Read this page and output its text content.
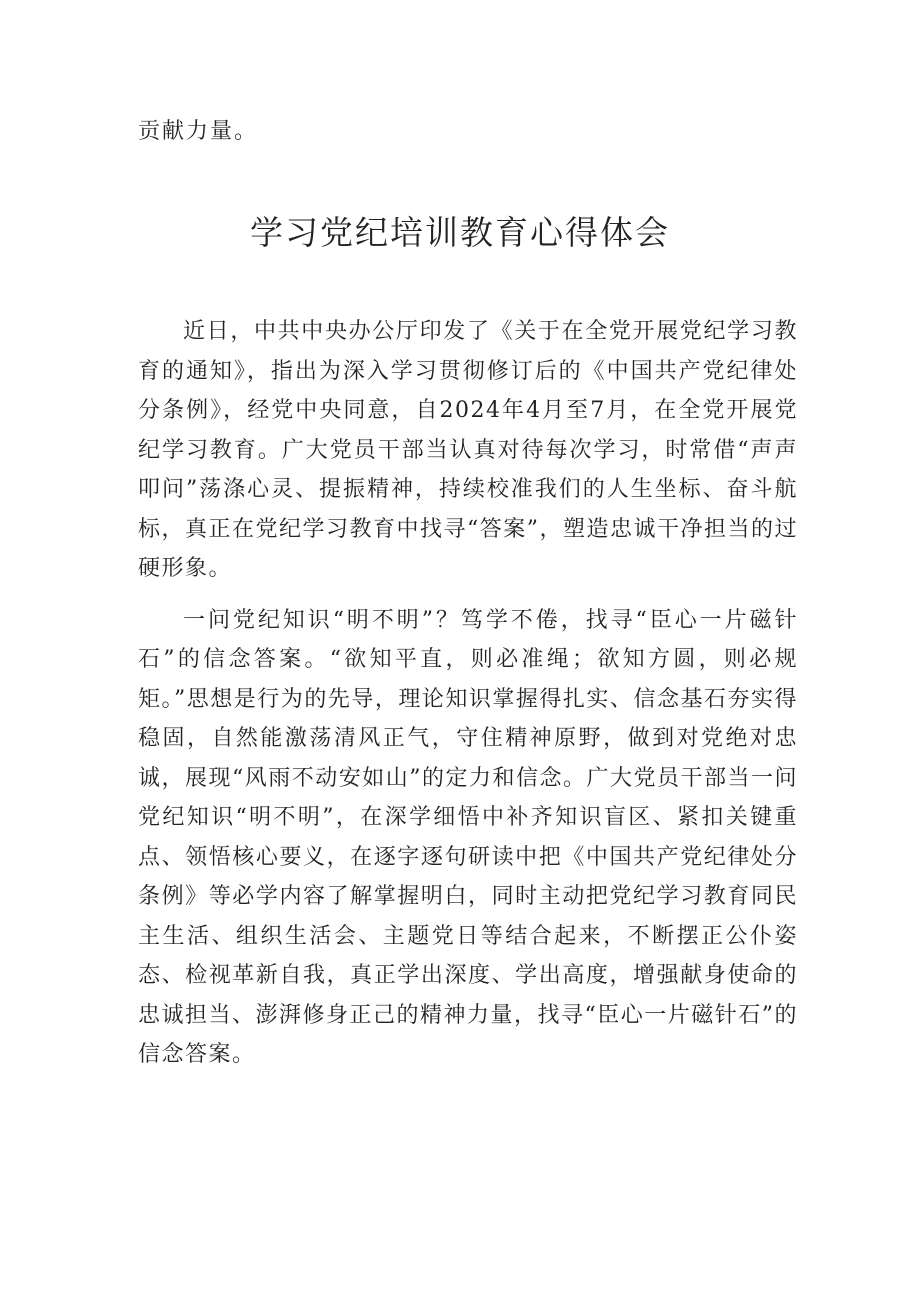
贡献力量。

学习党纪培训教育心得体会

近日，中共中央办公厅印发了《关于在全党开展党纪学习教育的通知》，指出为深入学习贯彻修订后的《中国共产党纪律处分条例》，经党中央同意，自2024年4月至7月，在全党开展党纪学习教育。广大党员干部当认真对待每次学习，时常借“声声叩问”荡涤心灵、提振精神，持续校准我们的人生坐标、奋斗航标，真正在党纪学习教育中找寻“答案”，塑造忠诚干净担当的过硬形象。

一问党纪知识“明不明”？笃学不倦，找寻“臣心一片磁针石”的信念答案。“欲知平直，则必准绳；欲知方圆，则必规矩。”思想是行为的先导，理论知识掌握得扎实、信念基石夯实得稳固，自然能激荡清风正气，守住精神原野，做到对党绝对忠诚，展现“风雨不动安如山”的定力和信念。广大党员干部当一问党纪知识“明不明”，在深学细悟中补齐知识盲区、紧扣关键重点、领悟核心要义，在逐字逐句研读中把《中国共产党纪律处分条例》等必学内容了解掌握明白，同时主动把党纪学习教育同民主生活、组织生活会、主题党日等结合起来，不断摆正公仆姿态、检视革新自我，真正学出深度、学出高度，增强献身使命的忠诚担当、澎湃修身正己的精神力量，找寻“臣心一片磁针石”的信念答案。
